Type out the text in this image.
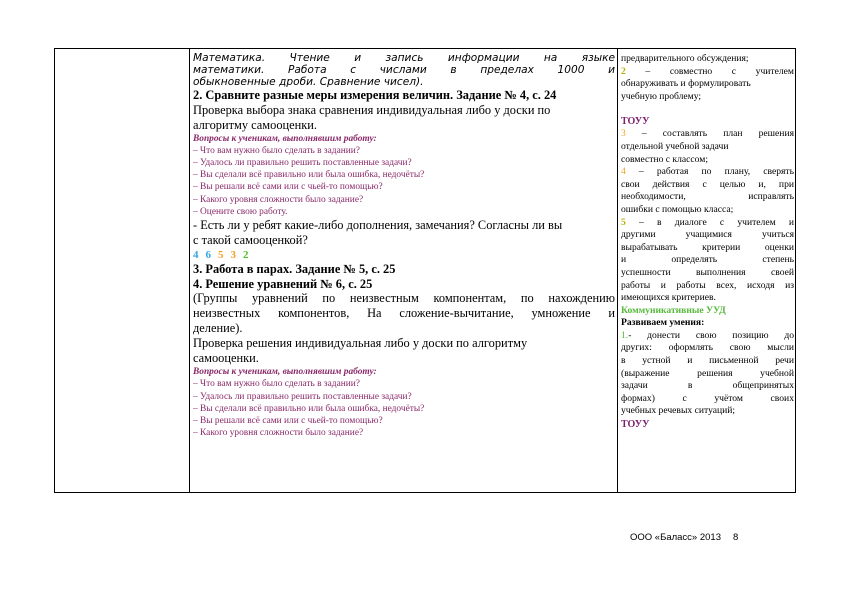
Математика. Чтение и запись информации на языке
математики. Работа с числами в пределах 1000 и
обыкновенные дроби. Сравнение чисел).
2. Сравните разные меры измерения величин. Задание № 4, с. 24
Проверка выбора знака сравнения индивидуальная либо у доски по
алгоритму самооценки.
Вопросы к ученикам, выполнявшим работу:
– Что вам нужно было сделать в задании?
– Удалось ли правильно решить поставленные задачи?
– Вы сделали всё правильно или была ошибка, недочёты?
– Вы решали всё сами или с чьей-то помощью?
– Какого уровня сложности было задание?
– Оцените свою работу.
- Есть ли у ребят какие-либо дополнения, замечания? Согласны ли вы
с такой самооценкой?
4 6 5 3 2
3. Работа в парах. Задание № 5, с. 25
4. Решение уравнений № 6, с. 25
(Группы уравнений по неизвестным компонентам, по нахождению
неизвестных компонентов, На сложение-вычитание, умножение и
деление).
Проверка решения индивидуальная либо у доски по алгоритму
самооценки.
Вопросы к ученикам, выполнявшим работу:
– Что вам нужно было сделать в задании?
– Удалось ли правильно решить поставленные задачи?
– Вы сделали всё правильно или была ошибка, недочёты?
– Вы решали всё сами или с чьей-то помощью?
– Какого уровня сложности было задание?
предварительного обсуждения;
2 – совместно с учителем
обнаруживать и формулировать
учебную проблему;
ТОУУ
3 – составлять план решения
отдельной учебной задачи
совместно с классом;
4 – работая по плану, сверять
свои действия с целью и, при
необходимости, исправлять
ошибки с помощью класса;
5 – в диалоге с учителем и
другими учащимися учиться
вырабатывать критерии оценки
и определять степень
успешности выполнения своей
работы и работы всех, исходя из
имеющихся критериев.
Коммуникативные УУД
Развиваем умения:
1.- донести свою позицию до
других: оформлять свою мысли
в устной и письменной речи
(выражение решения учебной
задачи в общепринятых
формах) с учётом своих
учебных речевых ситуаций;
ТОУУ
ООО «Баласс» 2013 8
